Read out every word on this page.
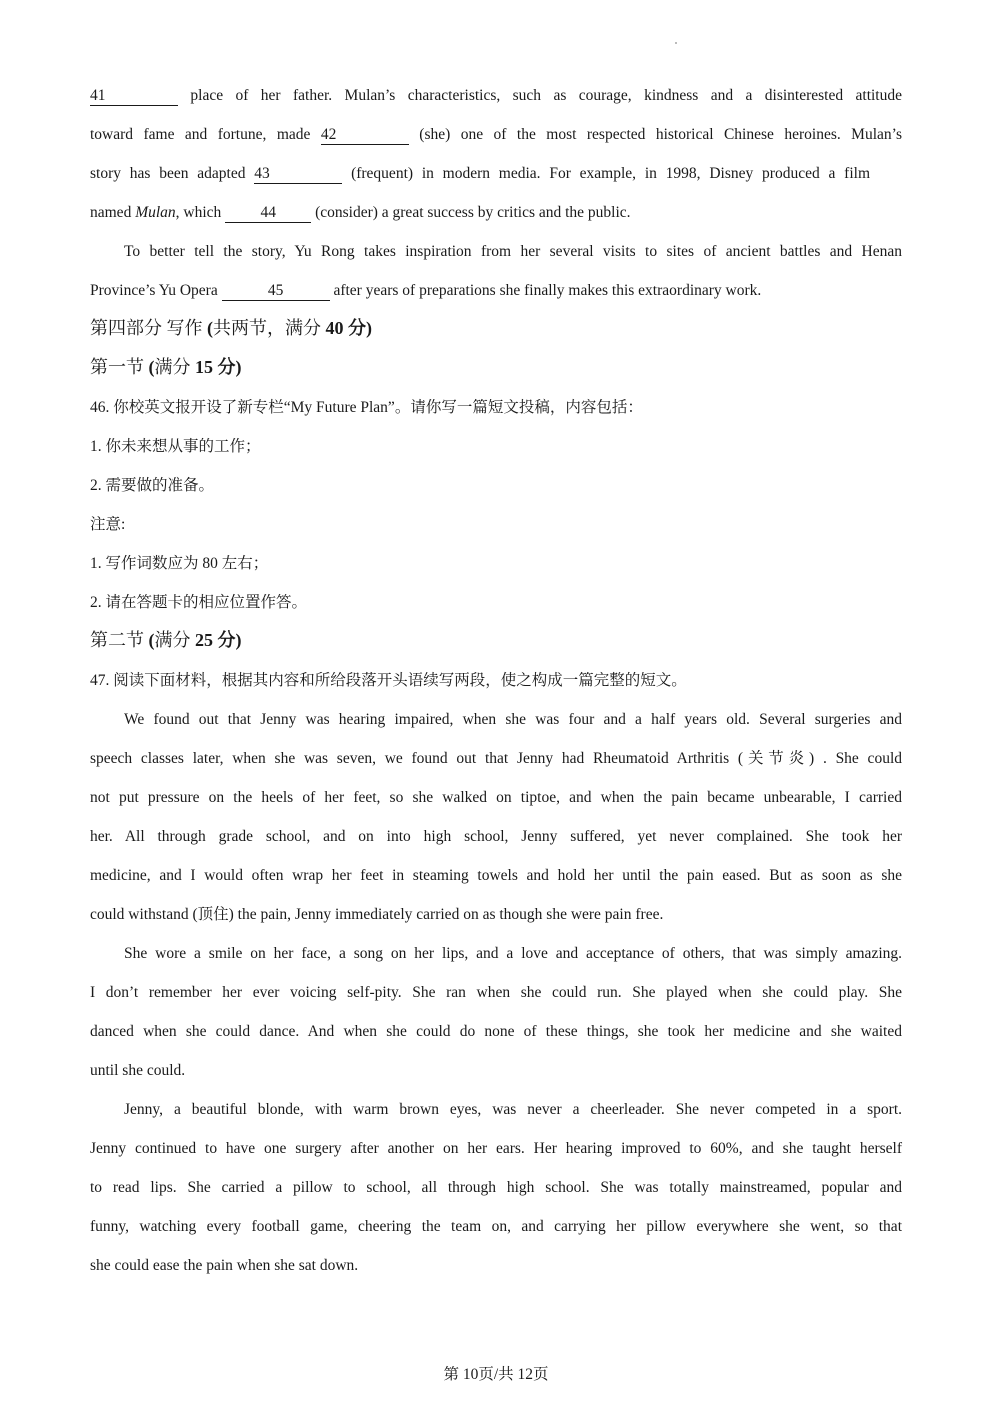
41	place of her father. Mulan’s characteristics, such as courage, kindness and a disinterested attitude
toward fame and fortune, made 42	(she) one of the most respected historical Chinese heroines. Mulan’s
story has been adapted 43	(frequent) in modern media. For example, in 1998, Disney produced a film
named Mulan, which 44 (consider) a great success by critics and the public.
To better tell the story, Yu Rong takes inspiration from her several visits to sites of ancient battles and Henan
Province’s Yu Opera	45	after years of preparations she finally makes this extraordinary work.
第四部分 写作 (共两节，满分 40 分)
第一节 (满分 15 分)
46. 你校英文报开设了新专栏“My Future Plan”。请你写一篇短文投稿，内容包括：
1. 你未来想从事的工作；
2. 需要做的准备。
注意:
1. 写作词数应为 80 左右；
2. 请在答题卡的相应位置作答。
第二节 (满分 25 分)
47. 阅读下面材料，根据其内容和所给段落开头语续写两段，使之构成一篇完整的短文。
We found out that Jenny was hearing impaired, when she was four and a half years old. Several surgeries and
speech classes later, when she was seven, we found out that Jenny had Rheumatoid Arthritis (关节炎) . She could
not put pressure on the heels of her feet, so she walked on tiptoe, and when the pain became unbearable, I carried
her. All through grade school, and on into high school, Jenny suffered, yet never complained. She took her
medicine, and I would often wrap her feet in steaming towels and hold her until the pain eased. But as soon as she
could withstand (顶住) the pain, Jenny immediately carried on as though she were pain free.
She wore a smile on her face, a song on her lips, and a love and acceptance of others, that was simply amazing.
I don’t remember her ever voicing self-pity. She ran when she could run. She played when she could play. She
danced when she could dance. And when she could do none of these things, she took her medicine and she waited
until she could.
Jenny, a beautiful blonde, with warm brown eyes, was never a cheerleader. She never competed in a sport.
Jenny continued to have one surgery after another on her ears. Her hearing improved to 60%, and she taught herself
to read lips. She carried a pillow to school, all through high school. She was totally mainstreamed, popular and
funny, watching every football game, cheering the team on, and carrying her pillow everywhere she went, so that
she could ease the pain when she sat down.
第 10页/共 12页
